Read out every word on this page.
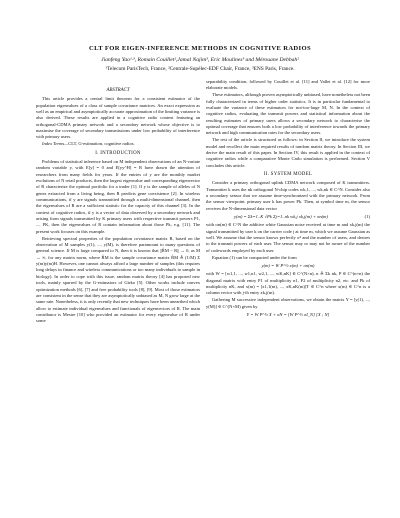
CLT FOR EIGEN-INFERENCE METHODS IN COGNITIVE RADIOS
Jianfeng Yao¹·³, Romain Couillet²,Jamal Najim³, Eric Moulines³ and Mérouane Debbah²
¹Telecom ParisTech, France, ²Centrale-Supélec-EDF Chair, France, ³ENS Paris, France.
ABSTRACT

This article provides a central limit theorem for a consistent estimator of the population eigenvalues of a class of sample covariance matrices. An exact expression as well as an empirical and asymptotically accurate approximation of the limiting variance is also derived. These results are applied in a cognitive radio context featuring an orthogonal-CDMA primary network and a secondary network whose objective is to maximise the coverage of secondary transmissions under low probability of interference with primary users.

Index Terms—CLT, G-estimation, cognitive radios.

I. INTRODUCTION

Problems of statistical inference based on M independent observations of an N-variate random variable y, with E[y] = 0 and E[yy^H] = R have drawn the attention of researchers from many fields for years. If the entries of y are the monthly market evolutions of N retail products, then the largest eigenvalue and corresponding eigenvector of R characterize the optimal portfolio for a trader [1]. If y is the sample of alleles of N genes extracted from a living being, then R predicts gene coexistence [2]. In wireless communications, if y are signals transmitted through a multi-dimensional channel, then the eigenvalues of R are a sufficient statistic for the capacity of this channel [3]. In the context of cognitive radios, if y is a vector of data observed by a secondary network and arising from signals transmitted by K primary users with respective transmit powers P1, ..., PK, then the eigenvalues of R contain information about those Pk, e.g. [11]. The present work focuses on this example.

Retrieving spectral properties of the population covariance matrix R, based on the observation of M samples y(1), ..., y(M), is therefore paramount to many questions of general science. If M is large compared to N, then it is known that ||R̂M − R|| → 0, as M → ∞, for any matrix norm, where R̂M is the sample covariance matrix R̂M ≜ (1/M) Σ y(m)y(m)H. However, one cannot always afford a large number of samples (this requires long delays in finance and wireless communications or too many individuals to sample in biology). In order to cope with this issue, random matrix theory [4] has proposed new tools, mainly spurred by the G-estimators of Girko [5]. Other works include convex optimization methods [6], [7] and free probability tools [8], [9]. Most of those estimators are consistent in the sense that they are asymptotically unbiased as M, N grow large at the same rate. Nonetheless, it is only recently that new techniques have been unearthed which allow to estimate individual eigenvalues and functionals of eigenvectors of R. The main contributor is Mestre [10] who provided an estimator for every eigenvalue of R under some

separability condition, followed by Couillet et al. [11] and Vallet et al. [12] for more elaborate models.

These estimators, although proven asymptotically unbiased, have nonetheless not been fully characterized in terms of higher order statistics. It is in particular fundamental to evaluate the variance of these estimators for not-too-large M, N. In the context of cognitive radios, evaluating the transmit powers and statistical information about the resulting estimates of primary users allows a secondary network to characterise the optimal coverage that ensures both a low probability of interference towards the primary network and high communication rates for the secondary users.

The rest of the article is structured as follows: in Section II, we introduce the system model and recollect the main required results of random matrix theory. In Section III, we derive the main result of this paper. In Section IV, this result is applied in the context of cognitive radios while a comparative Monte Carlo simulation is performed. Section V concludes this article.

II. SYSTEM MODEL

Consider a primary orthogonal uplink CDMA network composed of K transmitters. Transmitter k uses the nk orthogonal N-chip codes wk,1, ..., wk,nk ∈ C^N. Consider also a secondary sensor that we assume time-synchronized with the primary network. From the sensor viewpoint, primary user k has power Pk. Then, at symbol time m, the sensor receives the N-dimensional data vector

y(m) = Σk=1..K √Pk Σj=1..nk wk,j xk,j(m) + σn(m)	(1)

with σn(m) ∈ C^N the additive white Gaussian noise received at time m and xk,j(m) the signal transmitted by user k on the carrier code j at time m, which we assume Gaussian as well. We assume that the sensor knows perfectly σ² and the number of users, and desires to the transmit powers of each user. The sensor may or may not be aware of the number of codewords employed by each user.

Equation (1) can be compacted under the form

y(m) = W P^½ x(m) + σn(m)

with W = [w1,1, ..., w1,n1, w2,1, ..., wK,nK] ∈ C^(N×n), n ≜ Σk nk, P ∈ C^(n×n) the diagonal matrix with entry P1 of multiplicity n1, P2 of multiplicity n2, etc. and Pk of multiplicity nK, and x(m) = [x1,1(m), ..., xK,nK(m)]T ∈ C^n where x(m) ∈ C^n is a column vector with j-th entry xk,j(m).

Gathering M successive independent observations, we obtain the matrix Y = [y(1), ..., y(M)] ∈ C^(N×M) given by

Y = W P^½ X + σN = [W P^½ σI_N] [X ; N]
